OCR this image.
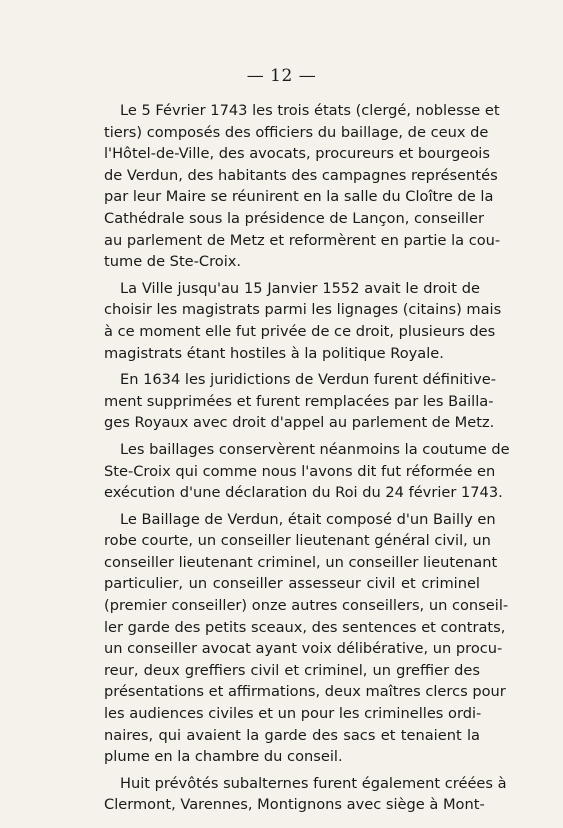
— 12 —
Le 5 Février 1743 les trois états (clergé, noblesse et
tiers) composés des officiers du baillage, de ceux de
l'Hôtel-de-Ville, des avocats, procureurs et bourgeois
de Verdun, des habitants des campagnes représentés
par leur Maire se réunirent en la salle du Cloître de la
Cathédrale sous la présidence de Lançon, conseiller
au parlement de Metz et reformèrent en partie la cou-
tume de Ste-Croix.
La Ville jusqu'au 15 Janvier 1552 avait le droit de
choisir les magistrats parmi les lignages (citains) mais
à ce moment elle fut privée de ce droit, plusieurs des
magistrats étant hostiles à la politique Royale.
En 1634 les juridictions de Verdun furent définitive-
ment supprimées et furent remplacées par les Bailla-
ges Royaux avec droit d'appel au parlement de Metz.
Les baillages conservèrent néanmoins la coutume de
Ste-Croix qui comme nous l'avons dit fut réformée en
exécution d'une déclaration du Roi du 24 février 1743.
Le Baillage de Verdun, était composé d'un Bailly en
robe courte, un conseiller lieutenant général civil, un
conseiller lieutenant criminel, un conseiller lieutenant
particulier, un conseiller assesseur civil et criminel
(premier conseiller) onze autres conseillers, un conseil-
ler garde des petits sceaux, des sentences et contrats,
un conseiller avocat ayant voix délibérative, un procu-
reur, deux greffiers civil et criminel, un greffier des
présentations et affirmations, deux maîtres clercs pour
les audiences civiles et un pour les criminelles ordi-
naires, qui avaient la garde des sacs et tenaient la
plume en la chambre du conseil.
Huit prévôtés subalternes furent également créées à
Clermont, Varennes, Montignons avec siège à Mont-
